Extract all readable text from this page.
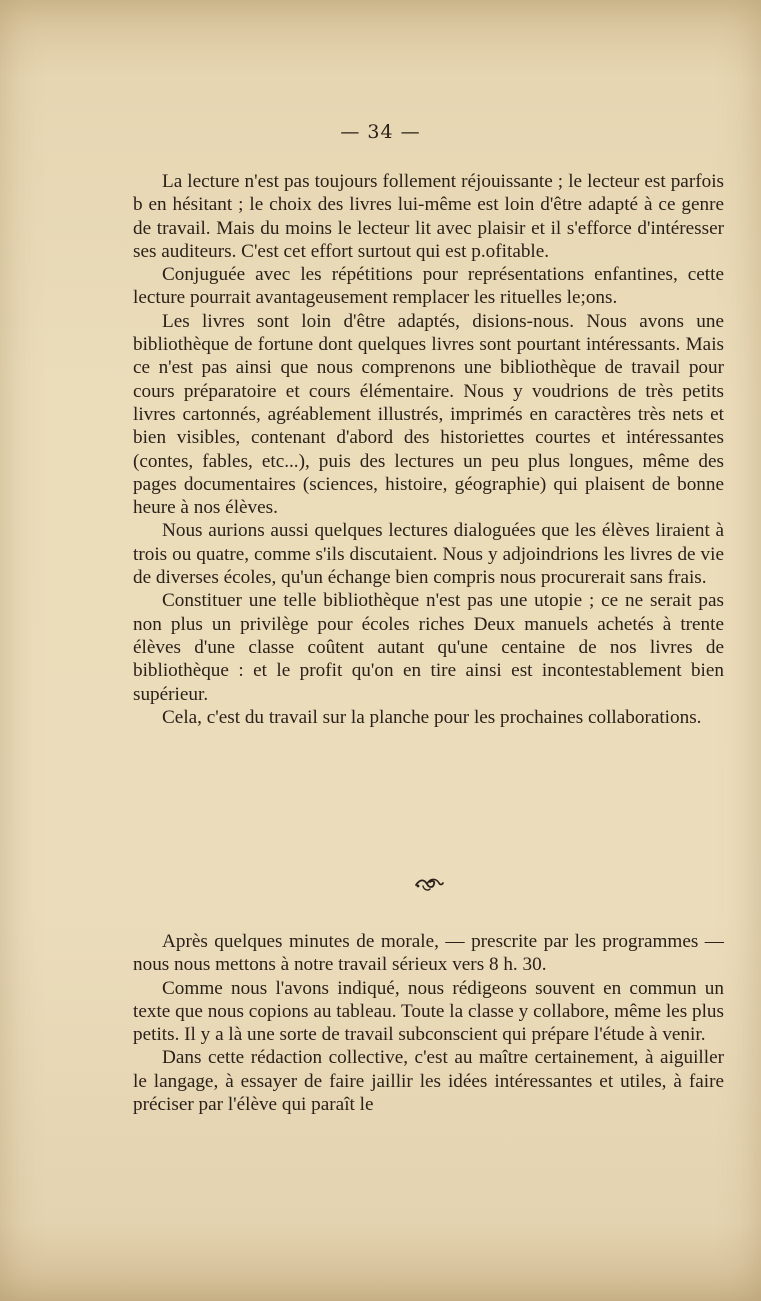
— 34 —

La lecture n'est pas toujours follement réjouissante ; le lecteur est parfois b en hésitant ; le choix des livres lui-même est loin d'être adapté à ce genre de travail. Mais du moins le lecteur lit avec plaisir et il s'efforce d'intéresser ses auditeurs. C'est cet effort surtout qui est p.ofitable.

Conjuguée avec les répétitions pour représentations enfantines, cette lecture pourrait avantageusement remplacer les rituelles le;ons.

Les livres sont loin d'être adaptés, disions-nous. Nous avons une bibliothèque de fortune dont quelques livres sont pourtant intéressants. Mais ce n'est pas ainsi que nous comprenons une bibliothèque de travail pour cours préparatoire et cours élémentaire. Nous y voudrions de très petits livres cartonnés, agréablement illustrés, imprimés en caractères très nets et bien visibles, contenant d'abord des historiettes courtes et intéressantes (contes, fables, etc...), puis des lectures un peu plus longues, même des pages documentaires (sciences, histoire, géographie) qui plaisent de bonne heure à nos élèves.

Nous aurions aussi quelques lectures dialoguées que les élèves liraient à trois ou quatre, comme s'ils discutaient. Nous y adjoindrions les livres de vie de diverses écoles, qu'un échange bien compris nous procurerait sans frais.

Constituer une telle bibliothèque n'est pas une utopie ; ce ne serait pas non plus un privilège pour écoles riches Deux manuels achetés à trente élèves d'une classe coûtent autant qu'une centaine de nos livres de bibliothèque : et le profit qu'on en tire ainsi est incontestablement bien supérieur.

Cela, c'est du travail sur la planche pour les prochaines collaborations.

Après quelques minutes de morale, — prescrite par les programmes — nous nous mettons à notre travail sérieux vers 8 h. 30.

Comme nous l'avons indiqué, nous rédigeons souvent en commun un texte que nous copions au tableau. Toute la classe y collabore, même les plus petits. Il y a là une sorte de travail subconscient qui prépare l'étude à venir.

Dans cette rédaction collective, c'est au maître certainement, à aiguiller le langage, à essayer de faire jaillir les idées intéressantes et utiles, à faire préciser par l'élève qui paraît le
